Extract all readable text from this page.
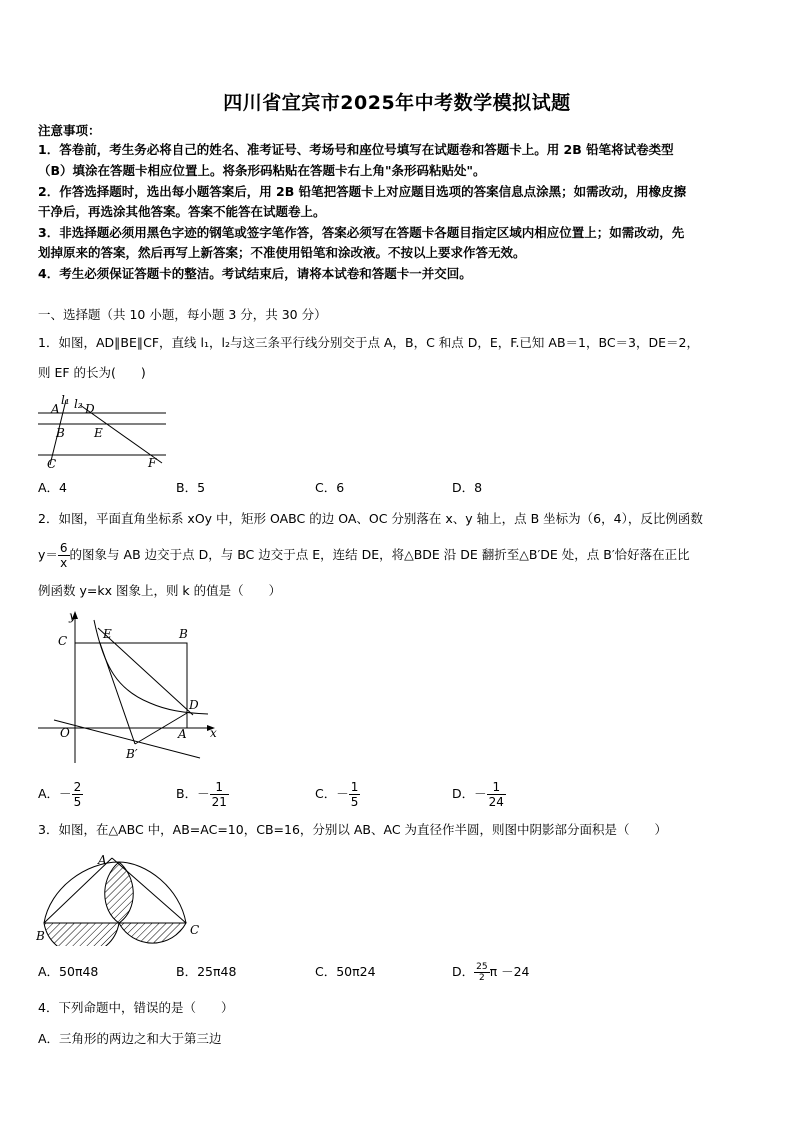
四川省宜宾市2025年中考数学模拟试题
注意事项：
1．答卷前，考生务必将自己的姓名、准考证号、考场号和座位号填写在试题卷和答题卡上。用 2B 铅笔将试卷类型
（B）填涂在答题卡相应位置上。将条形码粘贴在答题卡右上角"条形码粘贴处"。
2．作答选择题时，选出每小题答案后，用 2B 铅笔把答题卡上对应题目选项的答案信息点涂黑；如需改动，用橡皮擦
干净后，再选涂其他答案。答案不能答在试题卷上。
3．非选择题必须用黑色字迹的钢笔或签字笔作答，答案必须写在答题卡各题目指定区域内相应位置上；如需改动，先
划掉原来的答案，然后再写上新答案；不准使用铅笔和涂改液。不按以上要求作答无效。
4．考生必须保证答题卡的整洁。考试结束后，请将本试卷和答题卡一并交回。
一、选择题（共 10 小题，每小题 3 分，共 30 分）
1．如图，AD∥BE∥CF，直线 l₁，l₂与这三条平行线分别交于点 A，B，C 和点 D，E，F.已知 AB＝1，BC＝3，DE＝2，
则 EF 的长为(　　)
A
l₁ l₂ D
B E
C	F
A．4	B．5	C．6	D．8
2．如图，平面直角坐标系 xOy 中，矩形 OABC 的边 OA、OC 分别落在 x、y 轴上，点 B 坐标为（6，4），反比例函数
$y= \frac{6}{x}$ 的图象与 AB 边交于点 D，与 BC 边交于点 E，连结 DE，将△BDE 沿 DE 翻折至△B′DE 处，点 B′恰好落在正比
例函数 y=kx 图象上，则 k 的值是（　　）
y
x
O	A
B
C
D
E
B′
A．－ $\frac{2}{5}$	B．－ $\frac{1}{21}$	C．－ $\frac{1}{5}$	D．－ $\frac{1}{24}$
3．如图，在△ABC 中，AB=AC=10，CB=16，分别以 AB、AC 为直径作半圆，则图中阴影部分面积是（　　）
A
B	C
A．50π48	B．25π48	C．50π24	D． $\frac{25}{2}$ π －24
4．下列命题中，错误的是（　　）
A．三角形的两边之和大于第三边
